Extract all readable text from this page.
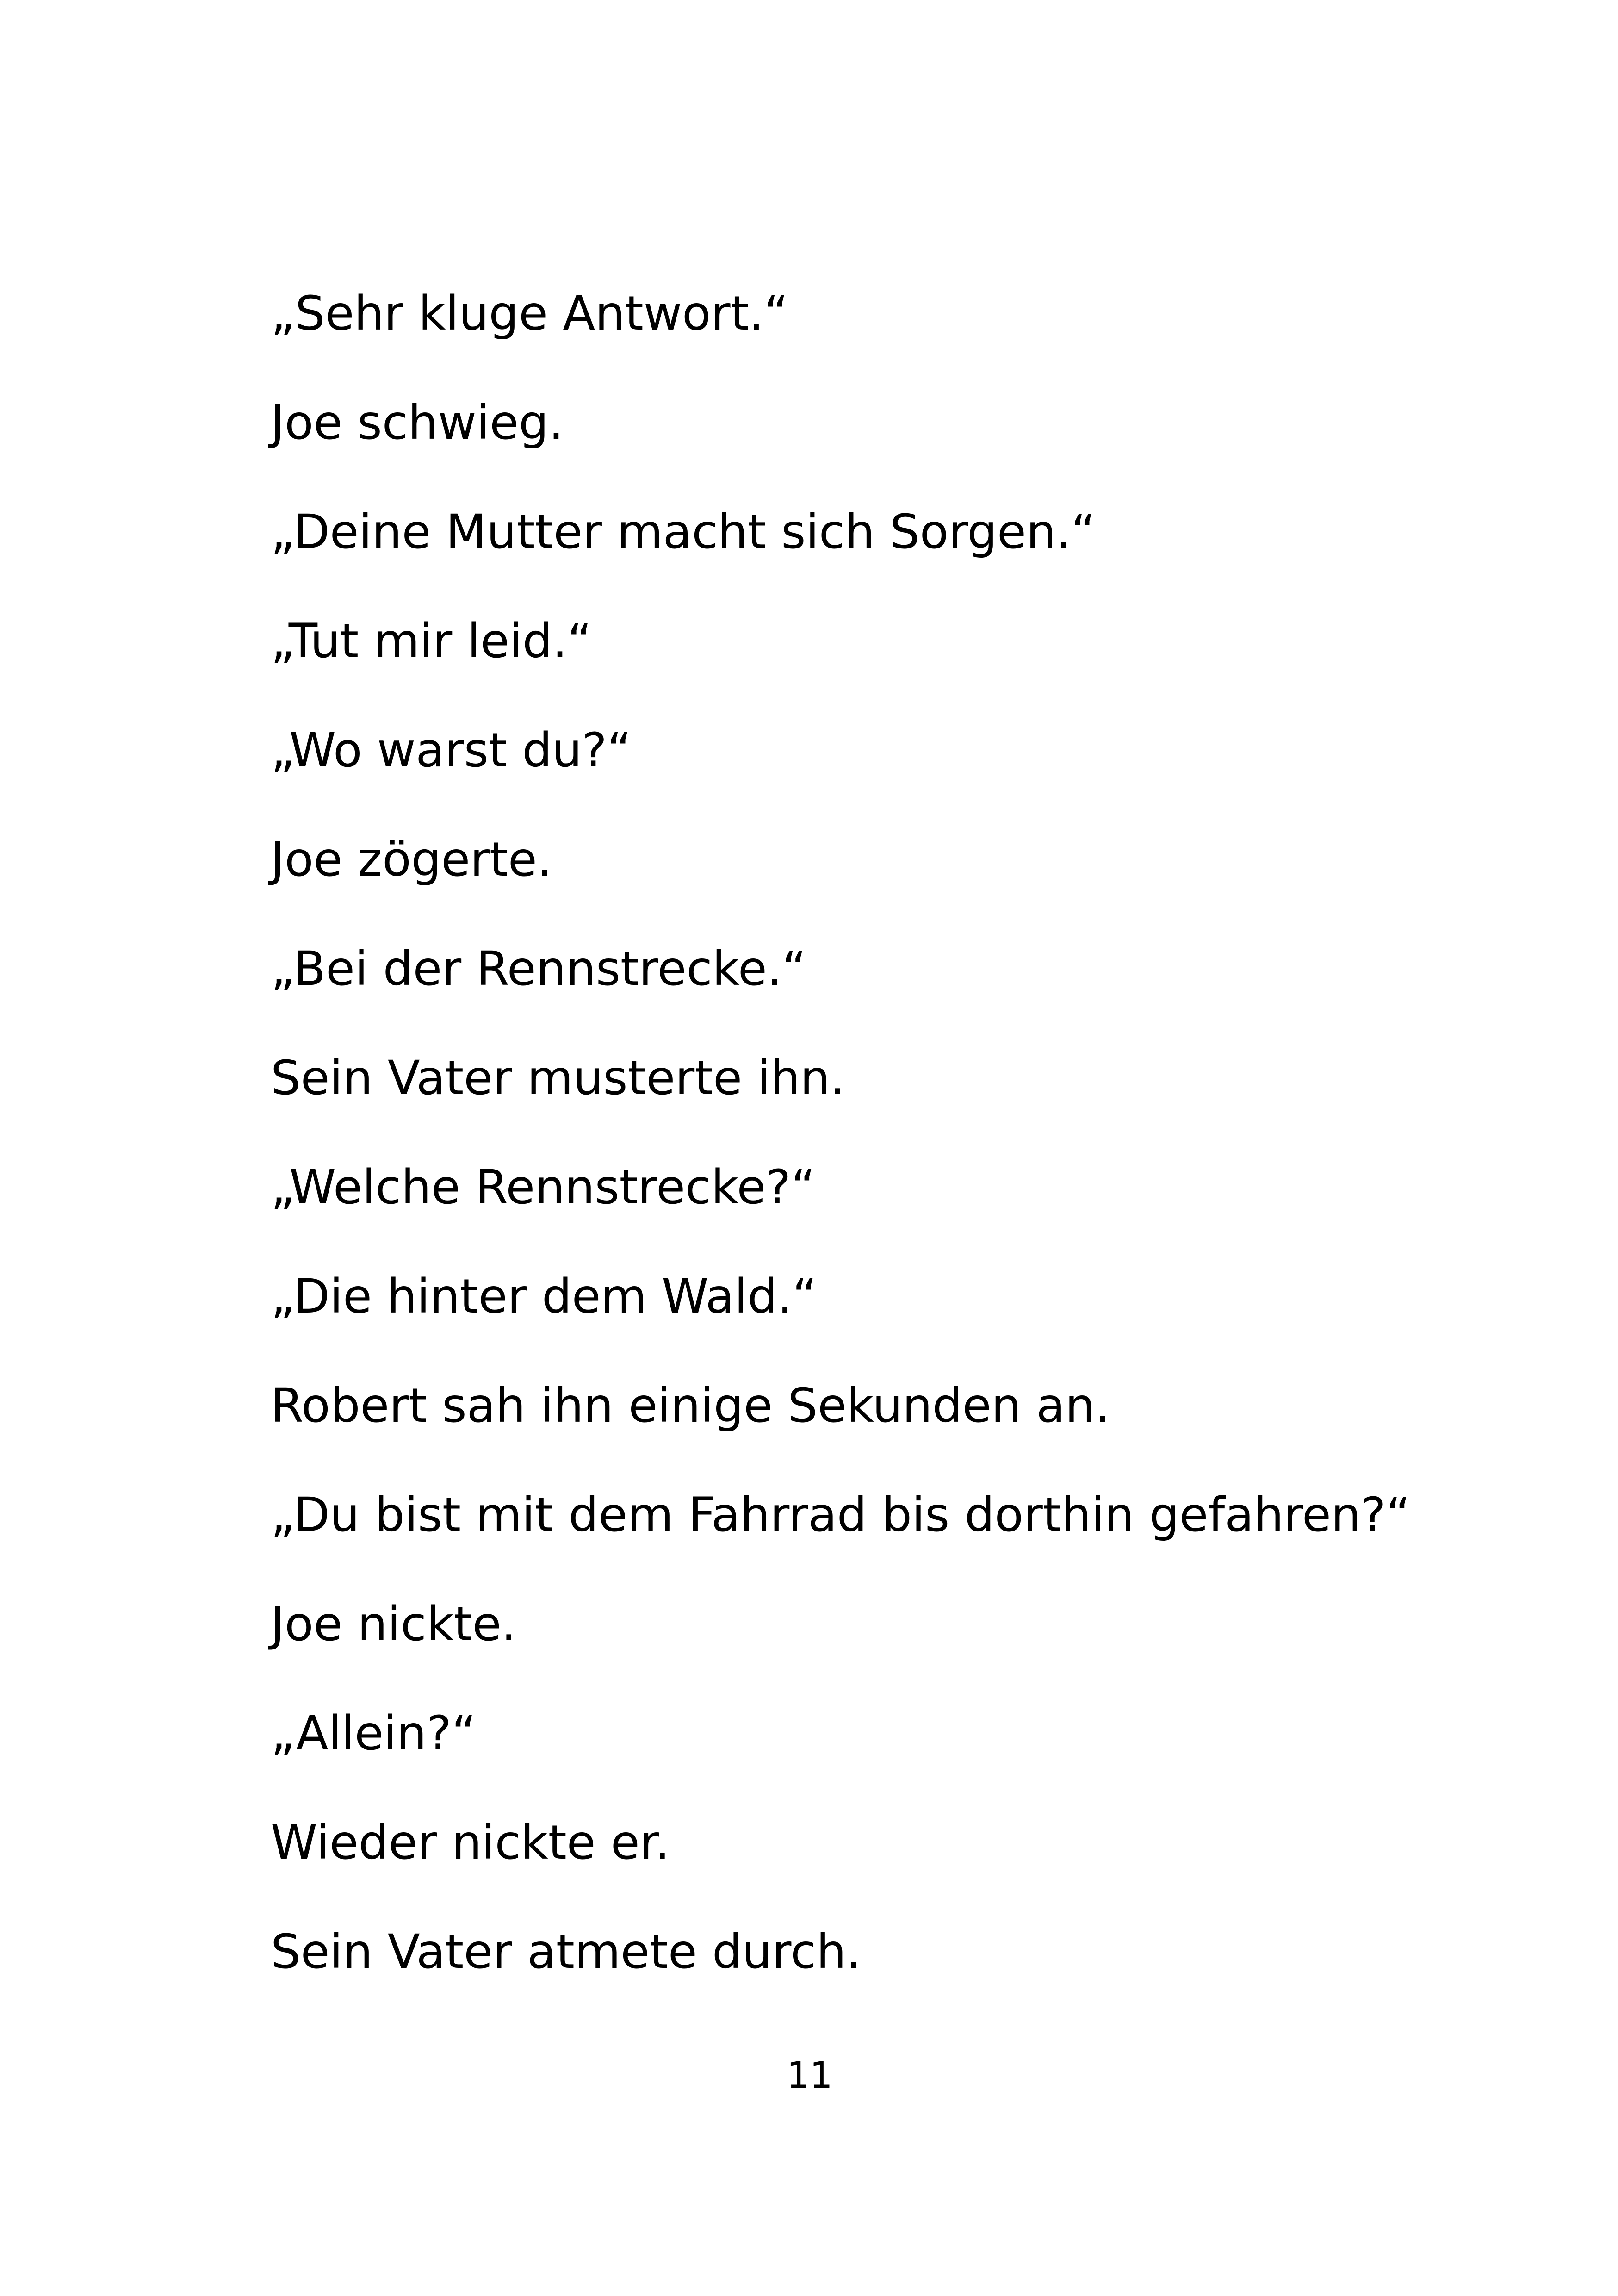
„Sehr kluge Antwort.“
Joe schwieg.
„Deine Mutter macht sich Sorgen.“
„Tut mir leid.“
„Wo warst du?“
Joe zögerte.
„Bei der Rennstrecke.“
Sein Vater musterte ihn.
„Welche Rennstrecke?“
„Die hinter dem Wald.“
Robert sah ihn einige Sekunden an.
„Du bist mit dem Fahrrad bis dorthin gefahren?“
Joe nickte.
„Allein?“
Wieder nickte er.
Sein Vater atmete durch.
11
